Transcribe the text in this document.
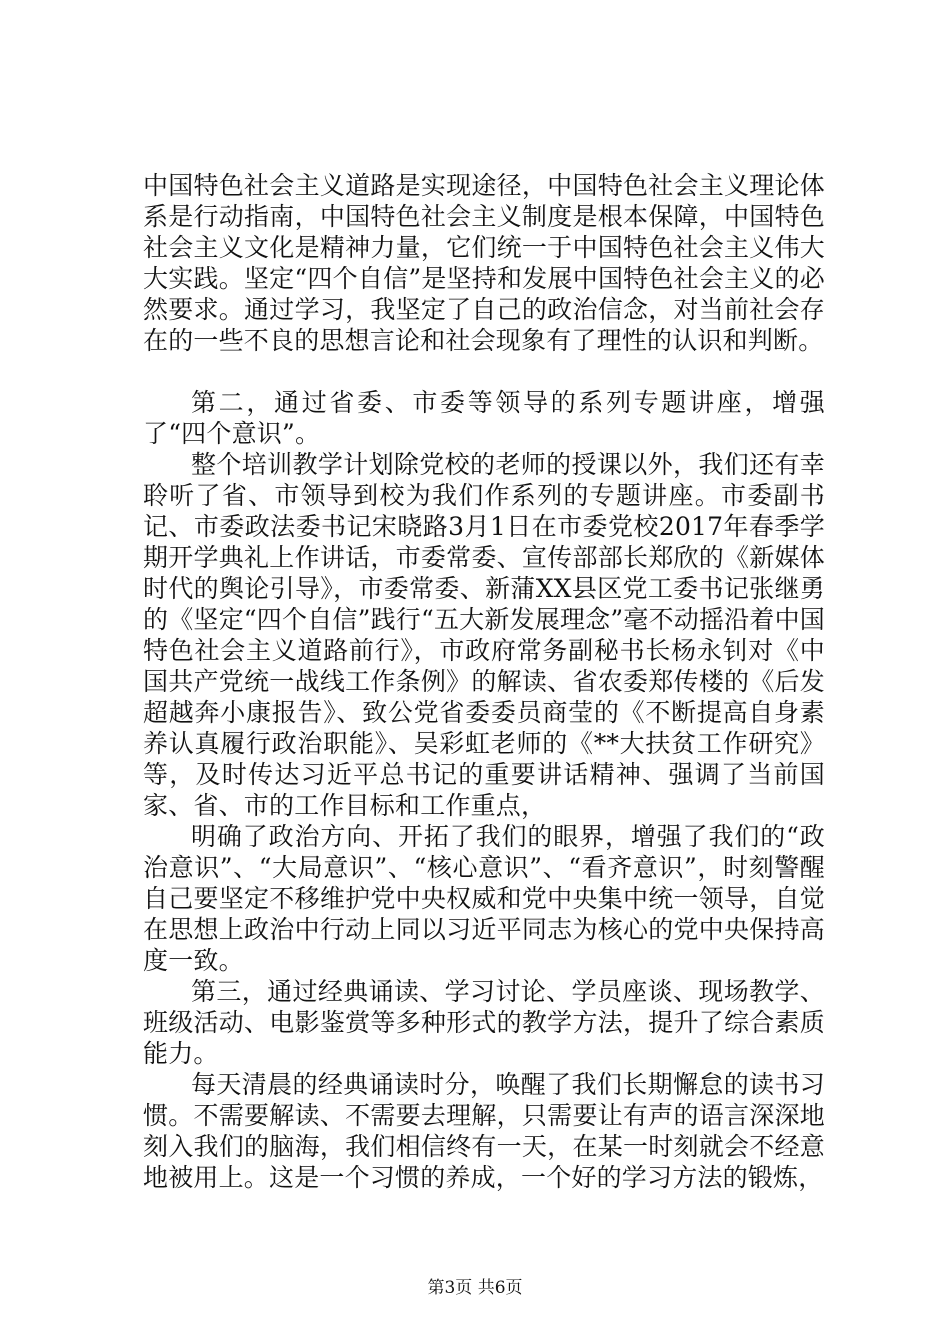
中国特色社会主义道路是实现途径，中国特色社会主义理论体系是行动指南，中国特色社会主义制度是根本保障，中国特色社会主义文化是精神力量，它们统一于中国特色社会主义伟大大实践。坚定“四个自信”是坚持和发展中国特色社会主义的必然要求。通过学习，我坚定了自己的政治信念，对当前社会存在的一些不良的思想言论和社会现象有了理性的认识和判断。

第二，通过省委、市委等领导的系列专题讲座，增强了“四个意识”。

整个培训教学计划除党校的老师的授课以外，我们还有幸聆听了省、市领导到校为我们作系列的专题讲座。市委副书记、市委政法委书记宋晓路3月1日在市委党校2017年春季学期开学典礼上作讲话，市委常委、宣传部部长郑欣的《新媒体时代的舆论引导》，市委常委、新蒲XX县区党工委书记张继勇的《坚定“四个自信”践行“五大新发展理念”毫不动摇沿着中国特色社会主义道路前行》，市政府常务副秘书长杨永钊对《中国共产党统一战线工作条例》的解读、省农委郑传楼的《后发超越奔小康报告》、致公党省委委员商莹的《不断提高自身素养认真履行政治职能》、吴彩虹老师的《**大扶贫工作研究》等，及时传达习近平总书记的重要讲话精神、强调了当前国家、省、市的工作目标和工作重点，

明确了政治方向、开拓了我们的眼界，增强了我们的“政治意识”、“大局意识”、“核心意识”、“看齐意识”，时刻警醒自己要坚定不移维护党中央权威和党中央集中统一领导，自觉在思想上政治中行动上同以习近平同志为核心的党中央保持高度一致。

第三，通过经典诵读、学习讨论、学员座谈、现场教学、班级活动、电影鉴赏等多种形式的教学方法，提升了综合素质能力。

每天清晨的经典诵读时分，唤醒了我们长期懈怠的读书习惯。不需要解读、不需要去理解，只需要让有声的语言深深地刻入我们的脑海，我们相信终有一天，在某一时刻就会不经意地被用上。这是一个习惯的养成，一个好的学习方法的锻炼，

第3页 共6页
